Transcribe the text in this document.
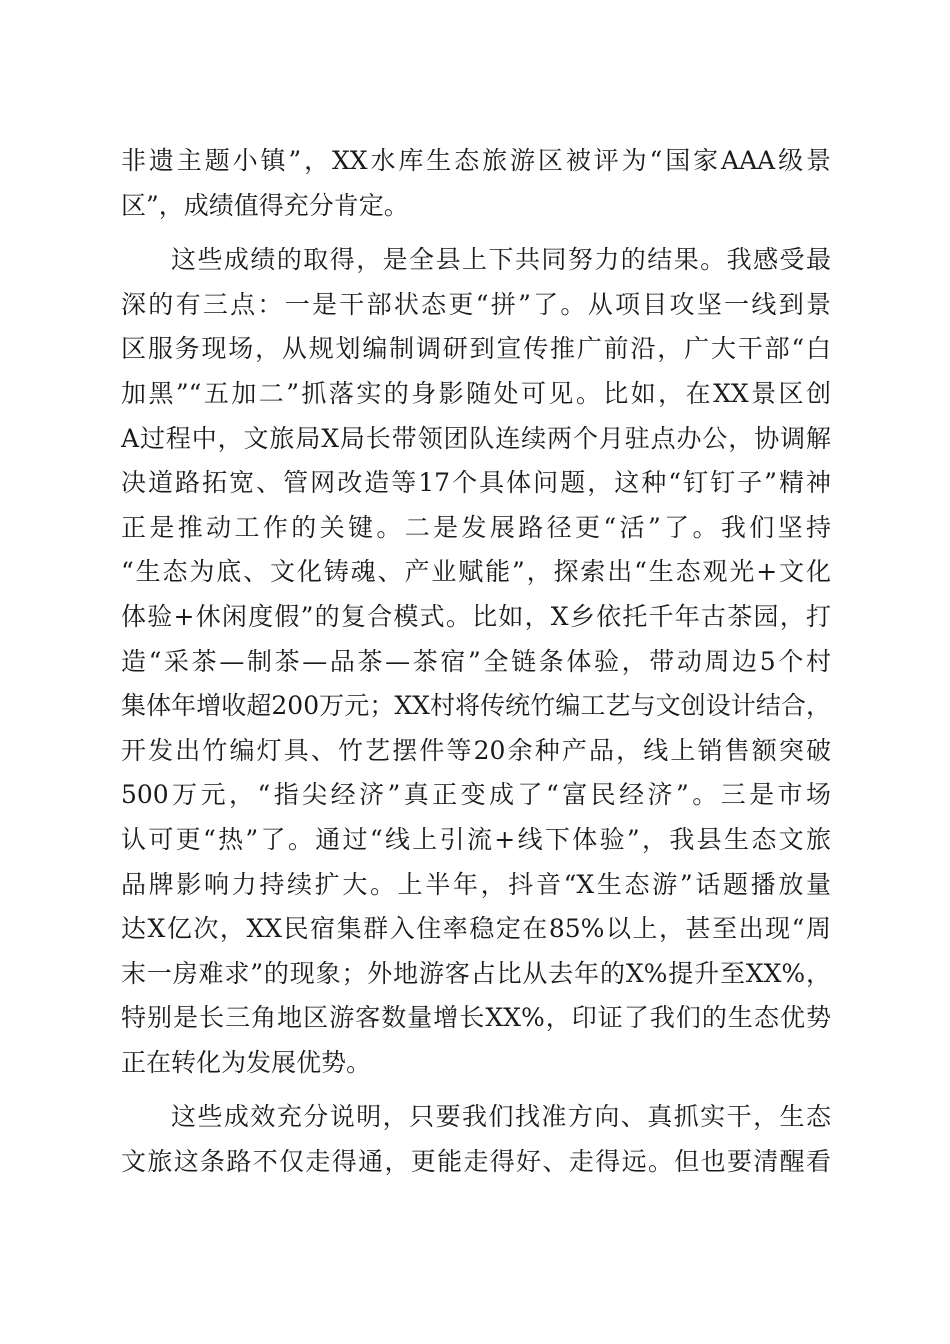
非遗主题小镇”，XX水库生态旅游区被评为“国家AAA级景
区”，成绩值得充分肯定。
这些成绩的取得，是全县上下共同努力的结果。我感受最
深的有三点：一是干部状态更“拼”了。从项目攻坚一线到景
区服务现场，从规划编制调研到宣传推广前沿，广大干部“白
加黑”“五加二”抓落实的身影随处可见。比如，在XX景区创
A过程中，文旅局X局长带领团队连续两个月驻点办公，协调解
决道路拓宽、管网改造等17个具体问题，这种“钉钉子”精神
正是推动工作的关键。二是发展路径更“活”了。我们坚持
“生态为底、文化铸魂、产业赋能”，探索出“生态观光+文化
体验+休闲度假”的复合模式。比如，X乡依托千年古茶园，打
造“采茶—制茶—品茶—茶宿”全链条体验，带动周边5个村
集体年增收超200万元；XX村将传统竹编工艺与文创设计结合，
开发出竹编灯具、竹艺摆件等20余种产品，线上销售额突破
500万元，“指尖经济”真正变成了“富民经济”。三是市场
认可更“热”了。通过“线上引流+线下体验”，我县生态文旅
品牌影响力持续扩大。上半年，抖音“X生态游”话题播放量
达X亿次，XX民宿集群入住率稳定在85%以上，甚至出现“周
末一房难求”的现象；外地游客占比从去年的X%提升至XX%，
特别是长三角地区游客数量增长XX%，印证了我们的生态优势
正在转化为发展优势。
这些成效充分说明，只要我们找准方向、真抓实干，生态
文旅这条路不仅走得通，更能走得好、走得远。但也要清醒看
